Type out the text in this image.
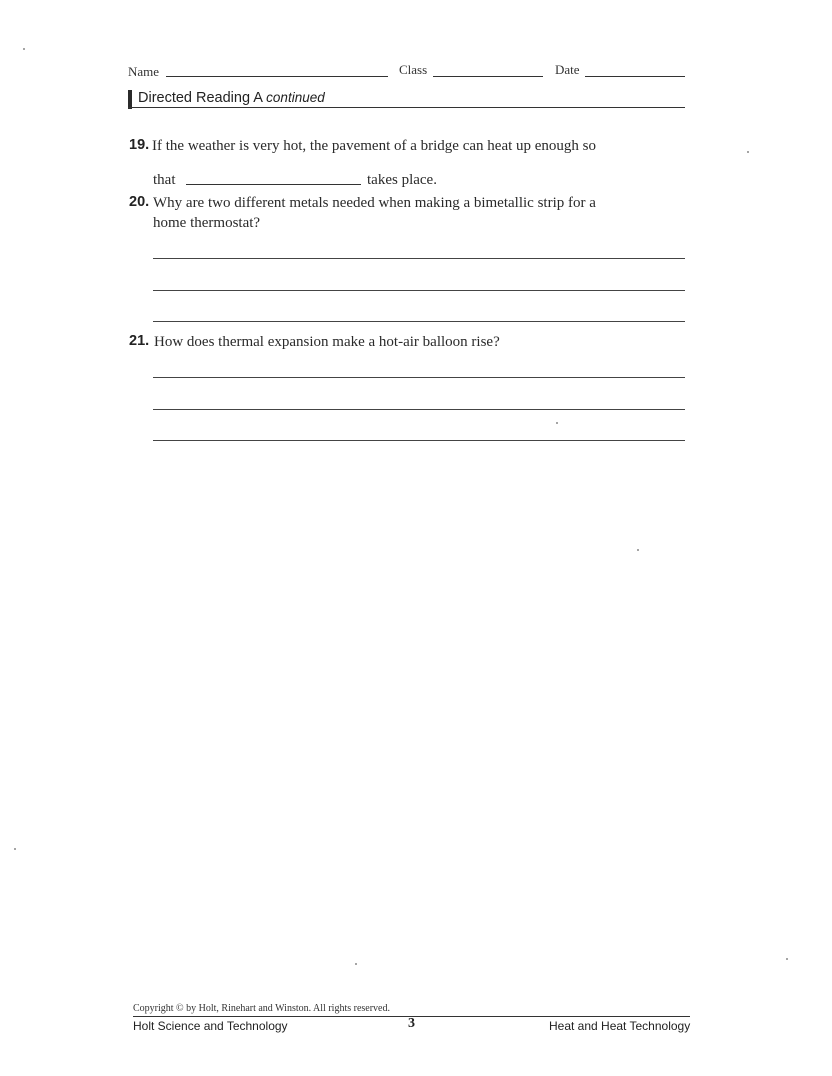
Name	Class	Date
Directed Reading A continued
19. If the weather is very hot, the pavement of a bridge can heat up enough so
that	takes place.
20. Why are two different metals needed when making a bimetallic strip for a
home thermostat?
21. How does thermal expansion make a hot-air balloon rise?
Copyright © by Holt, Rinehart and Winston. All rights reserved.
Holt Science and Technology	3	Heat and Heat Technology
